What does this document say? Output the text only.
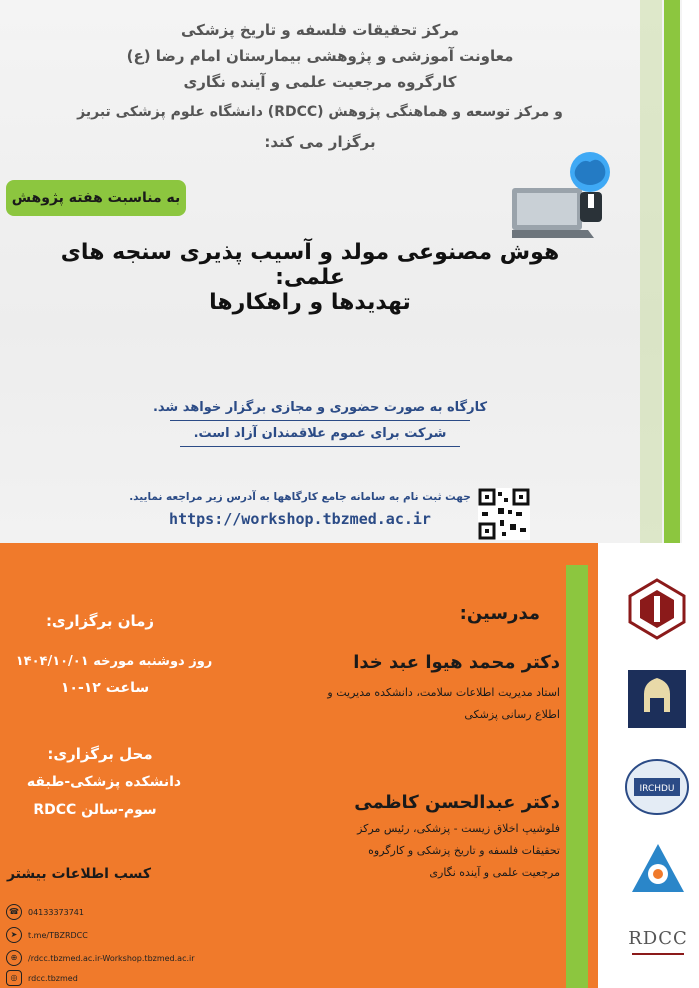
مرکز تحقیقات فلسفه و تاریخ پزشکی
معاونت آموزشی و پژوهشی بیمارستان امام رضا (ع)
کارگروه مرجعیت علمی و آینده نگاری
و مرکز توسعه و هماهنگی پژوهش (RDCC) دانشگاه علوم پزشکی تبریز
برگزار می کند:
به مناسبت هفته پژوهش
هوش مصنوعی مولد و آسیب پذیری سنجه های علمی:
تهدیدها و راهکارها
کارگاه به صورت حضوری و مجازی برگزار خواهد شد.
شرکت برای عموم علاقمندان آزاد است.
جهت ثبت نام به سامانه جامع کارگاهها به آدرس زیر مراجعه نمایید.
https://workshop.tbzmed.ac.ir
زمان برگزاری:
روز دوشنبه مورخه ۱۴۰۴/۱۰/۰۱
ساعت ۱۲-۱۰
محل برگزاری:
دانشکده پزشکی-طبقه
سوم-سالن RDCC
کسب اطلاعات بیشتر
☎	04133373741
➤	t.me/TBZRDCC
⊕	/rdcc.tbzmed.ac.ir-Workshop.tbzmed.ac.ir
◎	rdcc.tbzmed
مدرسین:
دکتر محمد هیوا عبد خدا
استاد مدیریت اطلاعات سلامت، دانشکده مدیریت و
اطلاع رسانی پزشکی
دکتر عبدالحسن کاظمی
فلوشیپ اخلاق زیست - پزشکی، رئیس مرکز
تحقیقات فلسفه و تاریخ پزشکی و کارگروه
مرجعیت علمی و آینده نگاری
IRCHDU
RDCC
